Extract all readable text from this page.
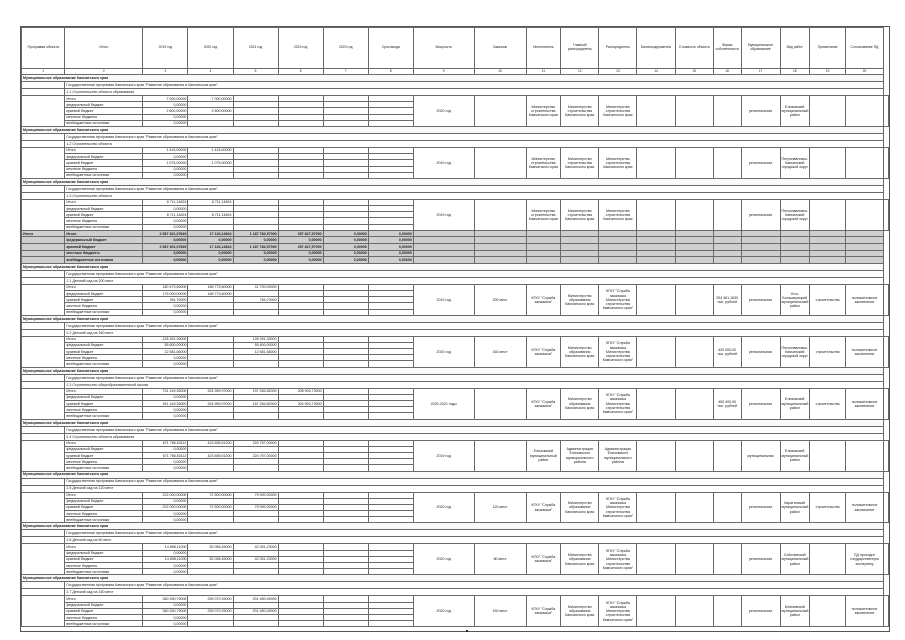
Программа объекта	Итого	2019 год	2020 год	2021 год	2022 год	2023 год	Срок ввода	Мощность	Заказчик	Исполнитель	Главный распорядитель	Распорядитель	Балансодержатель	Стоимость объекта	Форма собственности	Муниципальное образование	Вид работ	Примечание	Согласование ПД	
1	2	3	4	5	6	7	8	9	10	11	12	13	14	15	16	17	18	19	20	
Муниципальное образование Камчатского края																				
	Государственная программа Камчатского края "Развитие образования в Камчатском крае"																			
	1.1 Строительство объекта образования																			
	Итого	7 000,00000	7 000,00000					2020 год		Министерство строительства Камчатского края	Министерство строительства Камчатского края	Министерство строительства Камчатского края				региональная	Елизовский муниципальный район			
	федеральный бюджет	0,00000																		
	краевой бюджет	2 600,00000	2 600,00000																	
	местные бюджеты	0,00000																		
	внебюджетные источники	0,00000																		
Муниципальное образование Камчатского края																				
	Государственная программа Камчатского края "Развитие образования в Камчатском крае"																			
	1.2 Строительство объекта																			
	Итого	1 415,00000	1 415,00000					2019 год		Министерство строительства Камчатского края	Министерство строительства Камчатского края	Министерство строительства Камчатского края				региональная	Петропавловск-Камчатский городской округ			
	федеральный бюджет	0,00000																		
	краевой бюджет	1 075,00000	1 075,00000																	
	местные бюджеты	0,00000																		
	внебюджетные источники	0,00000																		
Муниципальное образование Камчатского края																				
	Государственная программа Камчатского края "Развитие образования в Камчатском крае"																			
	1.3 Строительство объекта																			
	Итого	8 711,14824	8 711,14824					2019 год		Министерство строительства Камчатского края	Министерство строительства Камчатского края	Министерство строительства Камчатского края				региональная	Петропавловск-Камчатский городской округ			
	федеральный бюджет	0,00000																		
	краевой бюджет	8 711,14824	8 711,14824																	
	местные бюджеты	0,00000																		
	внебюджетные источники	0,00000																		
Итого	Итого	2 587 301,07845	17 126,14824	1 187 782,57000	257 827,57000	0,00000	0,00000													
	федеральный бюджет	0,00000	0,00000	0,00000	0,00000	0,00000	0,00000													
	краевой бюджет	2 587 301,07845	17 126,14824	1 187 782,57000	257 827,57000	0,00000	0,00000													
	местные бюджеты	0,00000	0,00000	0,00000	0,00000	0,00000	0,00000													
	внебюджетные источники	0,00000	0,00000	0,00000	0,00000	0,00000	0,00000													
Муниципальное образование Камчатского края																				
	Государственная программа Камчатского края "Развитие образования в Камчатском крае"																			
	2.1 Детский сад на 200 мест																			
	Итого	180 473,69000	168 773,60000	11 700,09000				2019 год	200 мест	КГКУ "Служба заказчика"	Министерство образования Камчатского края	КГКУ "Служба заказчика Министерства строительства Камчатского края"			254 461,1630 тыс. рублей	региональная	Усть-Большерецкий муниципальный район	строительство	положительное заключение	
	федеральный бюджет	175 000,00000	168 773,60000																	
	краевой бюджет	784,70000		784,70000																
	местные бюджеты	0,00000																		
	внебюджетные источники	0,00000																		
Муниципальное образование Камчатского края																				
	Государственная программа Камчатского края "Развитие образования в Камчатском крае"																			
	2.2 Детский сад на 160 мест																			
	Итого	128 391,39000		128 391,39000				2020 год	160 мест	КГКУ "Служба заказчика"	Министерство образования Камчатского края	КГКУ "Служба заказчика Министерства строительства Камчатского края"			420 000,00 тыс. рублей	региональная	Петропавловск-Камчатский городской округ	строительство	положительное заключение	
	федеральный бюджет	55 600,00000		55 600,00000																
	краевой бюджет	12 581,66000		12 581,66000																
	местные бюджеты	0,00000																		
	внебюджетные источники	0,00000																		
Муниципальное образование Камчатского края																				
	Государственная программа Камчатского края "Развитие образования в Камчатском крае"																			
	2.3 Строительство общеобразовательной школы																			
	Итого	731 149,35000	324 959,97000	197 284,82000	208 903,73000			2020-2021 годы		КГКУ "Служба заказчика"	Министерство образования Камчатского края	КГКУ "Служба заказчика Министерства строительства Камчатского края"			450 000,00 тыс. рублей	региональная	Елизовский муниципальный район	строительство	положительное заключение	
	федеральный бюджет	0,00000																		
	краевой бюджет	911 149,35000	324 959,97000	187 284,82000	204 903,73000															
	местные бюджеты	0,00000																		
	внебюджетные источники	0,00000																		
Муниципальное образование Камчатского края																				
	Государственная программа Камчатского края "Развитие образования в Камчатском крае"																			
	2.4 Строительство объекта образования																			
	Итого	671 786,63112	423 655,51200	224 757,00000				2019 год		Елизовский муниципальный район	Администрация Елизовского муниципального района	Администрация Елизовского муниципального района				муниципальная	Елизовский муниципальный район			
	федеральный бюджет	0,00000																		
	краевой бюджет	671 786,63112	423 655,51200	224 757,00000																
	местные бюджеты	0,00000																		
	внебюджетные источники	0,00000																		
Муниципальное образование Камчатского края																				
	Государственная программа Камчатского края "Развитие образования в Камчатском крае"																			
	2.5 Детский сад на 120 мест																			
	Итого	222 000,00000	72 500,00000	79 000,00000				2020 год	120 мест	КГКУ "Служба заказчика"	Министерство образования Камчатского края	КГКУ "Служба заказчика Министерства строительства Камчатского края"				региональная	Карагинский муниципальный район	строительство	положительное заключение	
	федеральный бюджет	0,00000																		
	краевой бюджет	222 000,00000	72 500,00000	79 000,00000																
	местные бюджеты	0,00000																		
	внебюджетные источники	0,00000																		
Муниципальное образование Камчатского края																				
	Государственная программа Камчатского края "Развитие образования в Камчатском крае"																			
	2.6 Детский сад на 80 мест																			
	Итого	14 898,11000	52 056,45000	42 051,23000				2020 год	80 мест	КГКУ "Служба заказчика"	Министерство образования Камчатского края	КГКУ "Служба заказчика Министерства строительства Камчатского края"				региональная	Соболевский муниципальный район		ПД проходит государственную экспертизу	
	федеральный бюджет	0,00000																		
	краевой бюджет	14 898,11000	52 056,45000	42 051,23000																
	местные бюджеты	0,00000																		
	внебюджетные источники	0,00000																		
Муниципальное образование Камчатского края																				
	Государственная программа Камчатского края "Развитие образования в Камчатском крае"																			
	2.7 Детский сад на 150 мест																			
	Итого	360 250,79000	259 072,93000	201 450,49000				2020 год	150 мест	КГКУ "Служба заказчика"	Министерство образования Камчатского края	КГКУ "Служба заказчика Министерства строительства Камчатского края"				региональная	Ключевский муниципальный район		положительное заключение	
	федеральный бюджет	0,00000																		
	краевой бюджет	360 250,79000	259 072,93000	201 450,49000																
	местные бюджеты	0,00000																		
	внебюджетные источники	0,00000																		
